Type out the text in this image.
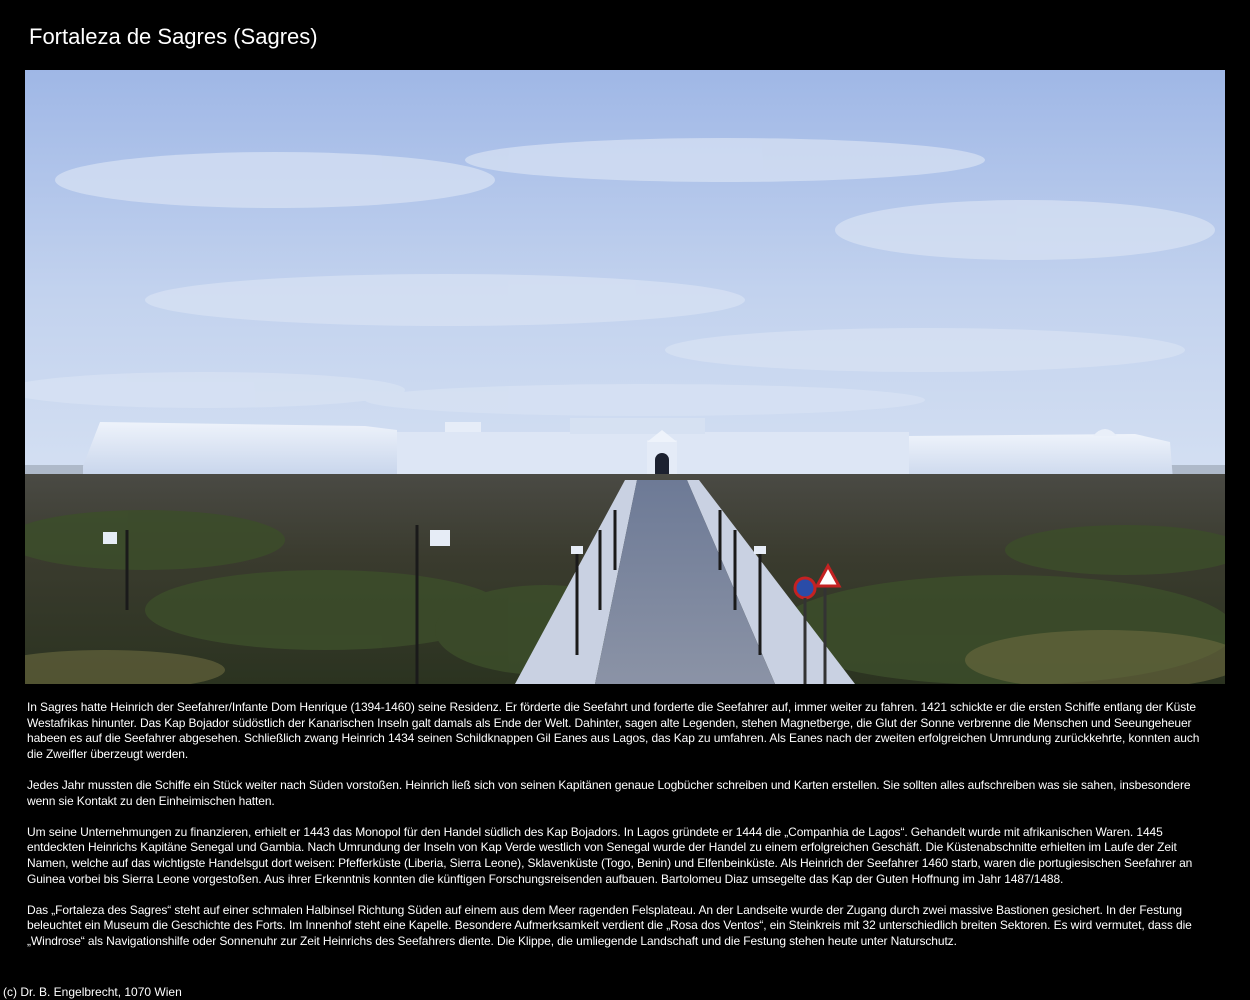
Fortaleza de Sagres (Sagres)

In Sagres hatte Heinrich der Seefahrer/Infante Dom Henrique (1394-1460) seine Residenz. Er förderte die Seefahrt und forderte die Seefahrer auf, immer weiter zu fahren. 1421 schickte er die ersten Schiffe entlang der Küste Westafrikas hinunter. Das Kap Bojador südöstlich der Kanarischen Inseln galt damals als Ende der Welt. Dahinter, sagen alte Legenden, stehen Magnetberge, die Glut der Sonne verbrenne die Menschen und Seeungeheuer habeen es auf die Seefahrer abgesehen. Schließlich zwang Heinrich 1434 seinen Schildknappen Gil Eanes aus Lagos, das Kap zu umfahren. Als Eanes nach der zweiten erfolgreichen Umrundung zurückkehrte, konnten auch die Zweifler überzeugt werden.

Jedes Jahr mussten die Schiffe ein Stück weiter nach Süden vorstoßen. Heinrich ließ sich von seinen Kapitänen genaue Logbücher schreiben und Karten erstellen. Sie sollten alles aufschreiben was sie sahen, insbesondere wenn sie Kontakt zu den Einheimischen hatten.

Um seine Unternehmungen zu finanzieren, erhielt er 1443 das Monopol für den Handel südlich des Kap Bojadors. In Lagos gründete er 1444 die „Companhia de Lagos“. Gehandelt wurde mit afrikanischen Waren. 1445 entdeckten Heinrichs Kapitäne Senegal und Gambia. Nach Umrundung der Inseln von Kap Verde westlich von Senegal wurde der Handel zu einem erfolgreichen Geschäft. Die Küstenabschnitte erhielten im Laufe der Zeit Namen, welche auf das wichtigste Handelsgut dort weisen: Pfefferküste (Liberia, Sierra Leone), Sklavenküste (Togo, Benin) und Elfenbeinküste. Als Heinrich der Seefahrer 1460 starb, waren die portugiesischen Seefahrer an Guinea vorbei bis Sierra Leone vorgestoßen. Aus ihrer Erkenntnis konnten die künftigen Forschungsreisenden aufbauen. Bartolomeu Diaz umsegelte das Kap der Guten Hoffnung im Jahr 1487/1488.

Das „Fortaleza des Sagres“ steht auf einer schmalen Halbinsel Richtung Süden auf einem aus dem Meer ragenden Felsplateau. An der Landseite wurde der Zugang durch zwei massive Bastionen gesichert. In der Festung beleuchtet ein Museum die Geschichte des Forts. Im Innenhof steht eine Kapelle. Besondere Aufmerksamkeit verdient die „Rosa dos Ventos“, ein Steinkreis mit 32 unterschiedlich breiten Sektoren. Es wird vermutet, dass die „Windrose“ als Navigationshilfe oder Sonnenuhr zur Zeit Heinrichs des Seefahrers diente. Die Klippe, die umliegende Landschaft und die Festung stehen heute unter Naturschutz.

(c) Dr. B. Engelbrecht, 1070 Wien
